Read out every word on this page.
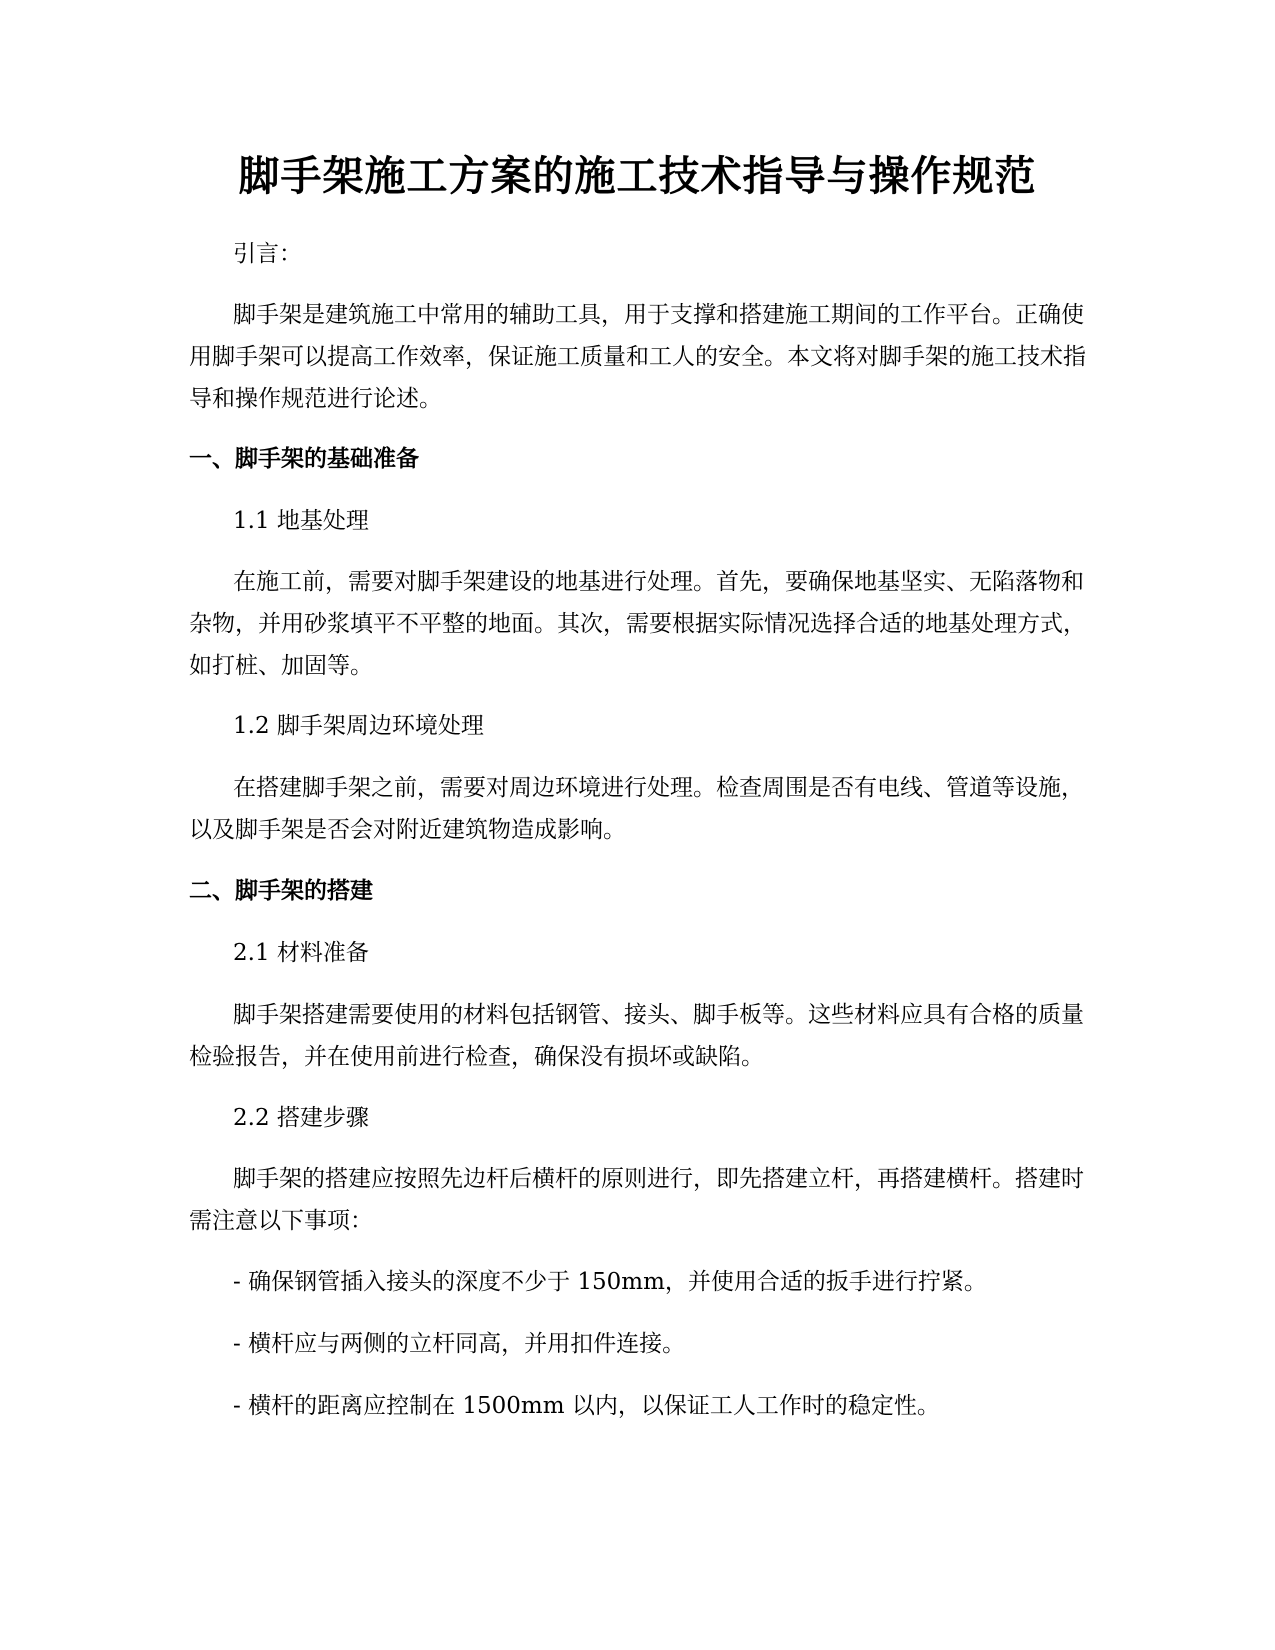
脚手架施工方案的施工技术指导与操作规范

引言：

脚手架是建筑施工中常用的辅助工具，用于支撑和搭建施工期间的工作平台。正确使用脚手架可以提高工作效率，保证施工质量和工人的安全。本文将对脚手架的施工技术指导和操作规范进行论述。

一、脚手架的基础准备

1.1 地基处理

在施工前，需要对脚手架建设的地基进行处理。首先，要确保地基坚实、无陷落物和杂物，并用砂浆填平不平整的地面。其次，需要根据实际情况选择合适的地基处理方式，如打桩、加固等。

1.2 脚手架周边环境处理

在搭建脚手架之前，需要对周边环境进行处理。检查周围是否有电线、管道等设施，以及脚手架是否会对附近建筑物造成影响。

二、脚手架的搭建

2.1 材料准备

脚手架搭建需要使用的材料包括钢管、接头、脚手板等。这些材料应具有合格的质量检验报告，并在使用前进行检查，确保没有损坏或缺陷。

2.2 搭建步骤

脚手架的搭建应按照先边杆后横杆的原则进行，即先搭建立杆，再搭建横杆。搭建时需注意以下事项：

- 确保钢管插入接头的深度不少于 150mm，并使用合适的扳手进行拧紧。

- 横杆应与两侧的立杆同高，并用扣件连接。

- 横杆的距离应控制在 1500mm 以内，以保证工人工作时的稳定性。
